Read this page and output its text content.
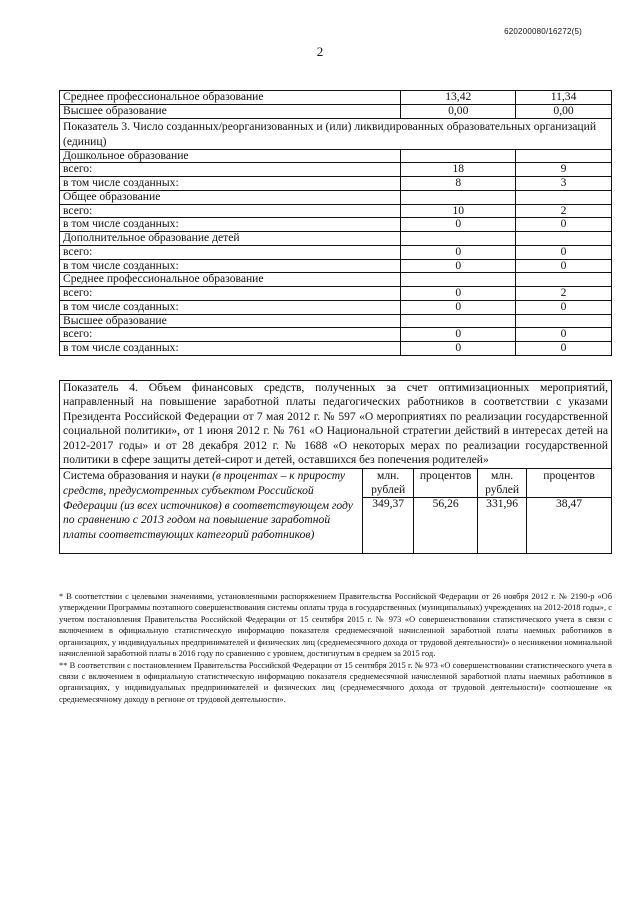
620200080/16272(5)
2
Среднее профессиональное образование	13,42	11,34
Высшее образование	0,00	0,00
Показатель 3. Число созданных/реорганизованных и (или) ликвидированных образовательных организаций (единиц)		
Дошкольное образование		
всего:	18	9
в том числе созданных:	8	3
Общее образование		
всего:	10	2
в том числе созданных:	0	0
Дополнительное образование детей		
всего:	0	0
в том числе созданных:	0	0
Среднее профессиональное образование		
всего:	0	2
в том числе созданных:	0	0
Высшее образование		
всего:	0	0
в том числе созданных:	0	0
Показатель 4. Объем финансовых средств, полученных за счет оптимизационных мероприятий, направленный на повышение заработной платы педагогических работников в соответствии с указами Президента Российской Федерации от 7 мая 2012 г. № 597 «О мероприятиях по реализации государственной социальной политики», от 1 июня 2012 г. № 761 «О Национальной стратегии действий в интересах детей на 2012-2017 годы» и от 28 декабря 2012 г. № 1688 «О некоторых мерах по реализации государственной политики в сфере защиты детей-сирот и детей, оставшихся без попечения родителей»				
Система образования и науки (в процентах – к приросту средств, предусмотренных субъектом Российской Федерации (из всех источников) в соответствующем году по сравнению с 2013 годом на повышение заработной платы соответствующих категорий работников)	млн. рублей	процентов	млн. рублей	процентов
	349,37	56,26	331,96	38,47

* В соответствии с целевыми значениями, установленными распоряжением Правительства Российской Федерации от 26 ноября 2012 г. № 2190-р «Об утверждении Программы поэтапного совершенствования системы оплаты труда в государственных (муниципальных) учреждениях на 2012-2018 годы», с учетом постановления Правительства Российской Федерации от 15 сентября 2015 г. № 973 «О совершенствовании статистического учета в связи с включением в официальную статистическую информацию показателя среднемесячной начисленной заработной платы наемных работников в организациях, у индивидуальных предпринимателей и физических лиц (среднемесячного дохода от трудовой деятельности)» о неснижении номинальной начисленной заработной платы в 2016 году по сравнению с уровнем, достигнутым в среднем за 2015 год.

** В соответствии с постановлением Правительства Российской Федерации от 15 сентября 2015 г. № 973 «О совершенствовании статистического учета в связи с включением в официальную статистическую информацию показателя среднемесячной начисленной заработной платы наемных работников в организациях, у индивидуальных предпринимателей и физических лиц (среднемесячного дохода от трудовой деятельности)» соотношение «к среднемесячному доходу в регионе от трудовой деятельности».
